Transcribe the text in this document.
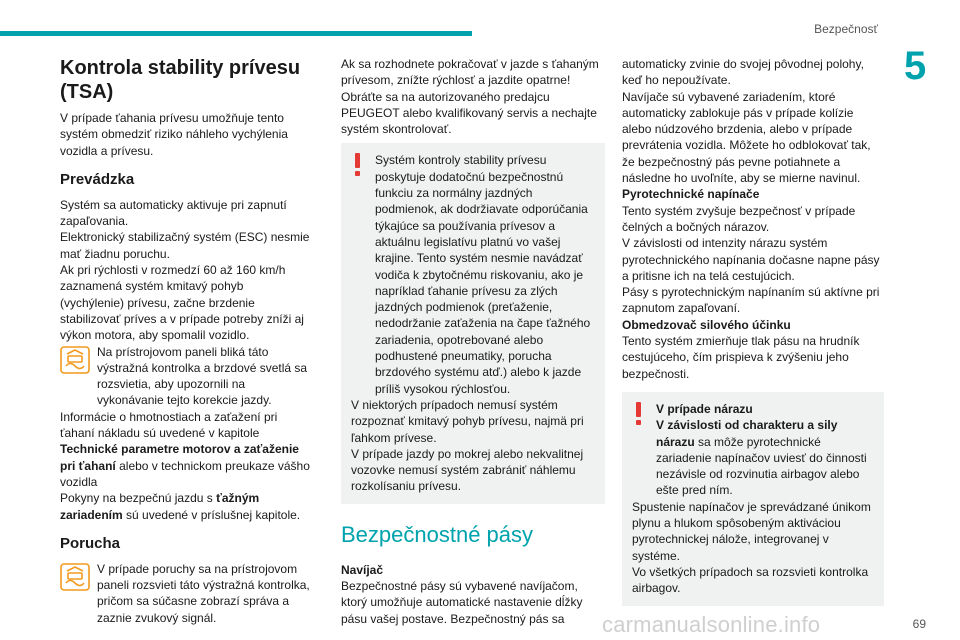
Bezpečnosť
5
Kontrola stability prívesu (TSA)

V prípade ťahania prívesu umožňuje tento systém obmedziť riziko náhleho vychýlenia vozidla a prívesu.

Prevádzka

Systém sa automaticky aktivuje pri zapnutí zapaľovania.

Elektronický stabilizačný systém (ESC) nesmie mať žiadnu poruchu.

Ak pri rýchlosti v rozmedzí 60 až 160 km/h zaznamená systém kmitavý pohyb (vychýlenie) prívesu, začne brzdenie stabilizovať príves a v prípade potreby zníži aj výkon motora, aby spomalil vozidlo.

Na prístrojovom paneli bliká táto výstražná kontrolka a brzdové svetlá sa rozsvietia, aby upozornili na vykonávanie tejto korekcie jazdy.

Informácie o hmotnostiach a zaťažení pri ťahaní nákladu sú uvedené v kapitole Technické parametre motorov a zaťaženie pri ťahaní alebo v technickom preukaze vášho vozidla

Pokyny na bezpečnú jazdu s ťažným zariadením sú uvedené v príslušnej kapitole.

Porucha
V prípade poruchy sa na prístrojovom paneli rozsvieti táto výstražná kontrolka, pričom sa súčasne zobrazí správa a zaznie zvukový signál.

Ak sa rozhodnete pokračovať v jazde s ťahaným prívesom, znížte rýchlosť a jazdite opatrne!

Obráťte sa na autorizovaného predajcu PEUGEOT alebo kvalifikovaný servis a nechajte systém skontrolovať.

Systém kontroly stability prívesu poskytuje dodatočnú bezpečnostnú funkciu za normálny jazdných podmienok, ak dodržiavate odporúčania týkajúce sa používania prívesov a aktuálnu legislatívu platnú vo vašej krajine. Tento systém nesmie navádzať vodiča k zbytočnému riskovaniu, ako je napríklad ťahanie prívesu za zlých jazdných podmienok (preťaženie, nedodržanie zaťaženia na čape ťažného zariadenia, opotrebované alebo podhustené pneumatiky, porucha brzdového systému atď.) alebo k jazde príliš vysokou rýchlosťou.

V niektorých prípadoch nemusí systém rozpoznať kmitavý pohyb prívesu, najmä pri ľahkom prívese.

V prípade jazdy po mokrej alebo nekvalitnej vozovke nemusí systém zabrániť náhlemu rozkolísaniu prívesu.

Bezpečnostné pásy

Navíjač

Bezpečnostné pásy sú vybavené navíjačom, ktorý umožňuje automatické nastavenie dĺžky pásu vašej postave. Bezpečnostný pás sa

automaticky zvinie do svojej pôvodnej polohy, keď ho nepoužívate.

Navíjače sú vybavené zariadením, ktoré automaticky zablokuje pás v prípade kolízie alebo núdzového brzdenia, alebo v prípade prevrátenia vozidla. Môžete ho odblokovať tak, že bezpečnostný pás pevne potiahnete a následne ho uvoľníte, aby se mierne navinul.

Pyrotechnické napínače

Tento systém zvyšuje bezpečnosť v prípade čelných a bočných nárazov.

V závislosti od intenzity nárazu systém pyrotechnického napínania dočasne napne pásy a pritisne ich na telá cestujúcich.

Pásy s pyrotechnickým napínaním sú aktívne pri zapnutom zapaľovaní.

Obmedzovač silového účinku

Tento systém zmierňuje tlak pásu na hrudník cestujúceho, čím prispieva k zvýšeniu jeho bezpečnosti.

V prípade nárazu
V závislosti od charakteru a sily nárazu sa môže pyrotechnické zariadenie napínačov uviesť do činnosti nezávisle od rozvinutia airbagov alebo ešte pred ním.

Spustenie napínačov je sprevádzané únikom plynu a hlukom spôsobeným aktiváciou pyrotechnickej nálože, integrovanej v systéme.

Vo všetkých prípadoch sa rozsvieti kontrolka airbagov.

carmanualsonline.info	69
